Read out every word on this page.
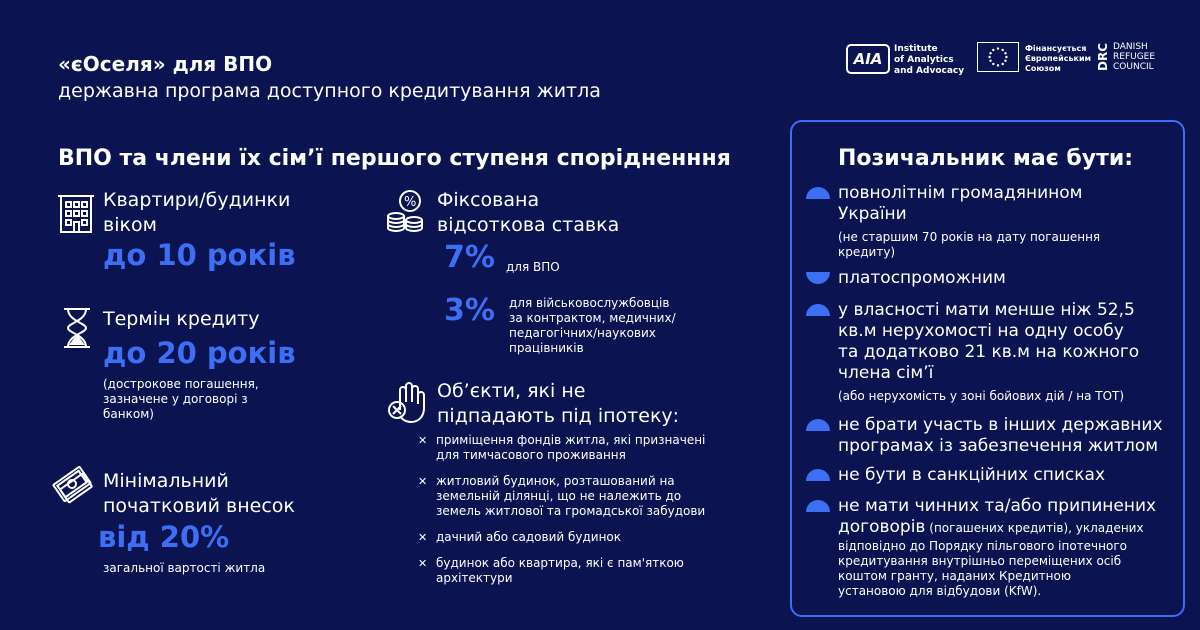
«єОселя» для ВПО
державна програма доступного кредитування житла
AIA
Institute
of Analytics
and Advocacy
Фінансується
Європейським
Союзом	DRC DANISH
REFUGEE
COUNCIL
ВПО та члени їх сім’ї першого ступеня спорідненння
Квартири/будинки
віком
до 10 років
Термін кредиту
до 20 років
(дострокове погашення,
зазначене у договорі з
банком)
Мінімальний
початковий внесок
від 20%
загальної вартості житла
% Фіксована
відсоткова ставка
7% для ВПО
3% для військовослужбовців
за контрактом, медичних/
педагогічних/наукових
працівників
Об’єкти, які не
підпадають під іпотеку:
✕ приміщення фондів житла, які призначені
для тимчасового проживання
✕ житловий будинок, розташований на
земельній ділянці, що не належить до
земель житлової та громадської забудови
✕ дачний або садовий будинок
✕ будинок або квартира, які є пам'яткою
архітектури
Позичальник має бути:
повнолітнім громадянином
України
(не старшим 70 років на дату погашення
кредиту)
платоспроможним
у власності мати менше ніж 52,5
кв.м нерухомості на одну особу
та додатково 21 кв.м на кожного
члена сім’ї
(або нерухомість у зоні бойових дій / на ТОТ)
не брати участь в інших державних
програмах із забезпечення житлом
не бути в санкційних списках
не мати чинних та/або припинених
договорів (погашених кредитів), укладених
відповідно до Порядку пільгового іпотечного
кредитування внутрішньо переміщених осіб
коштом гранту, наданих Кредитною
установою для відбудови (KfW).
